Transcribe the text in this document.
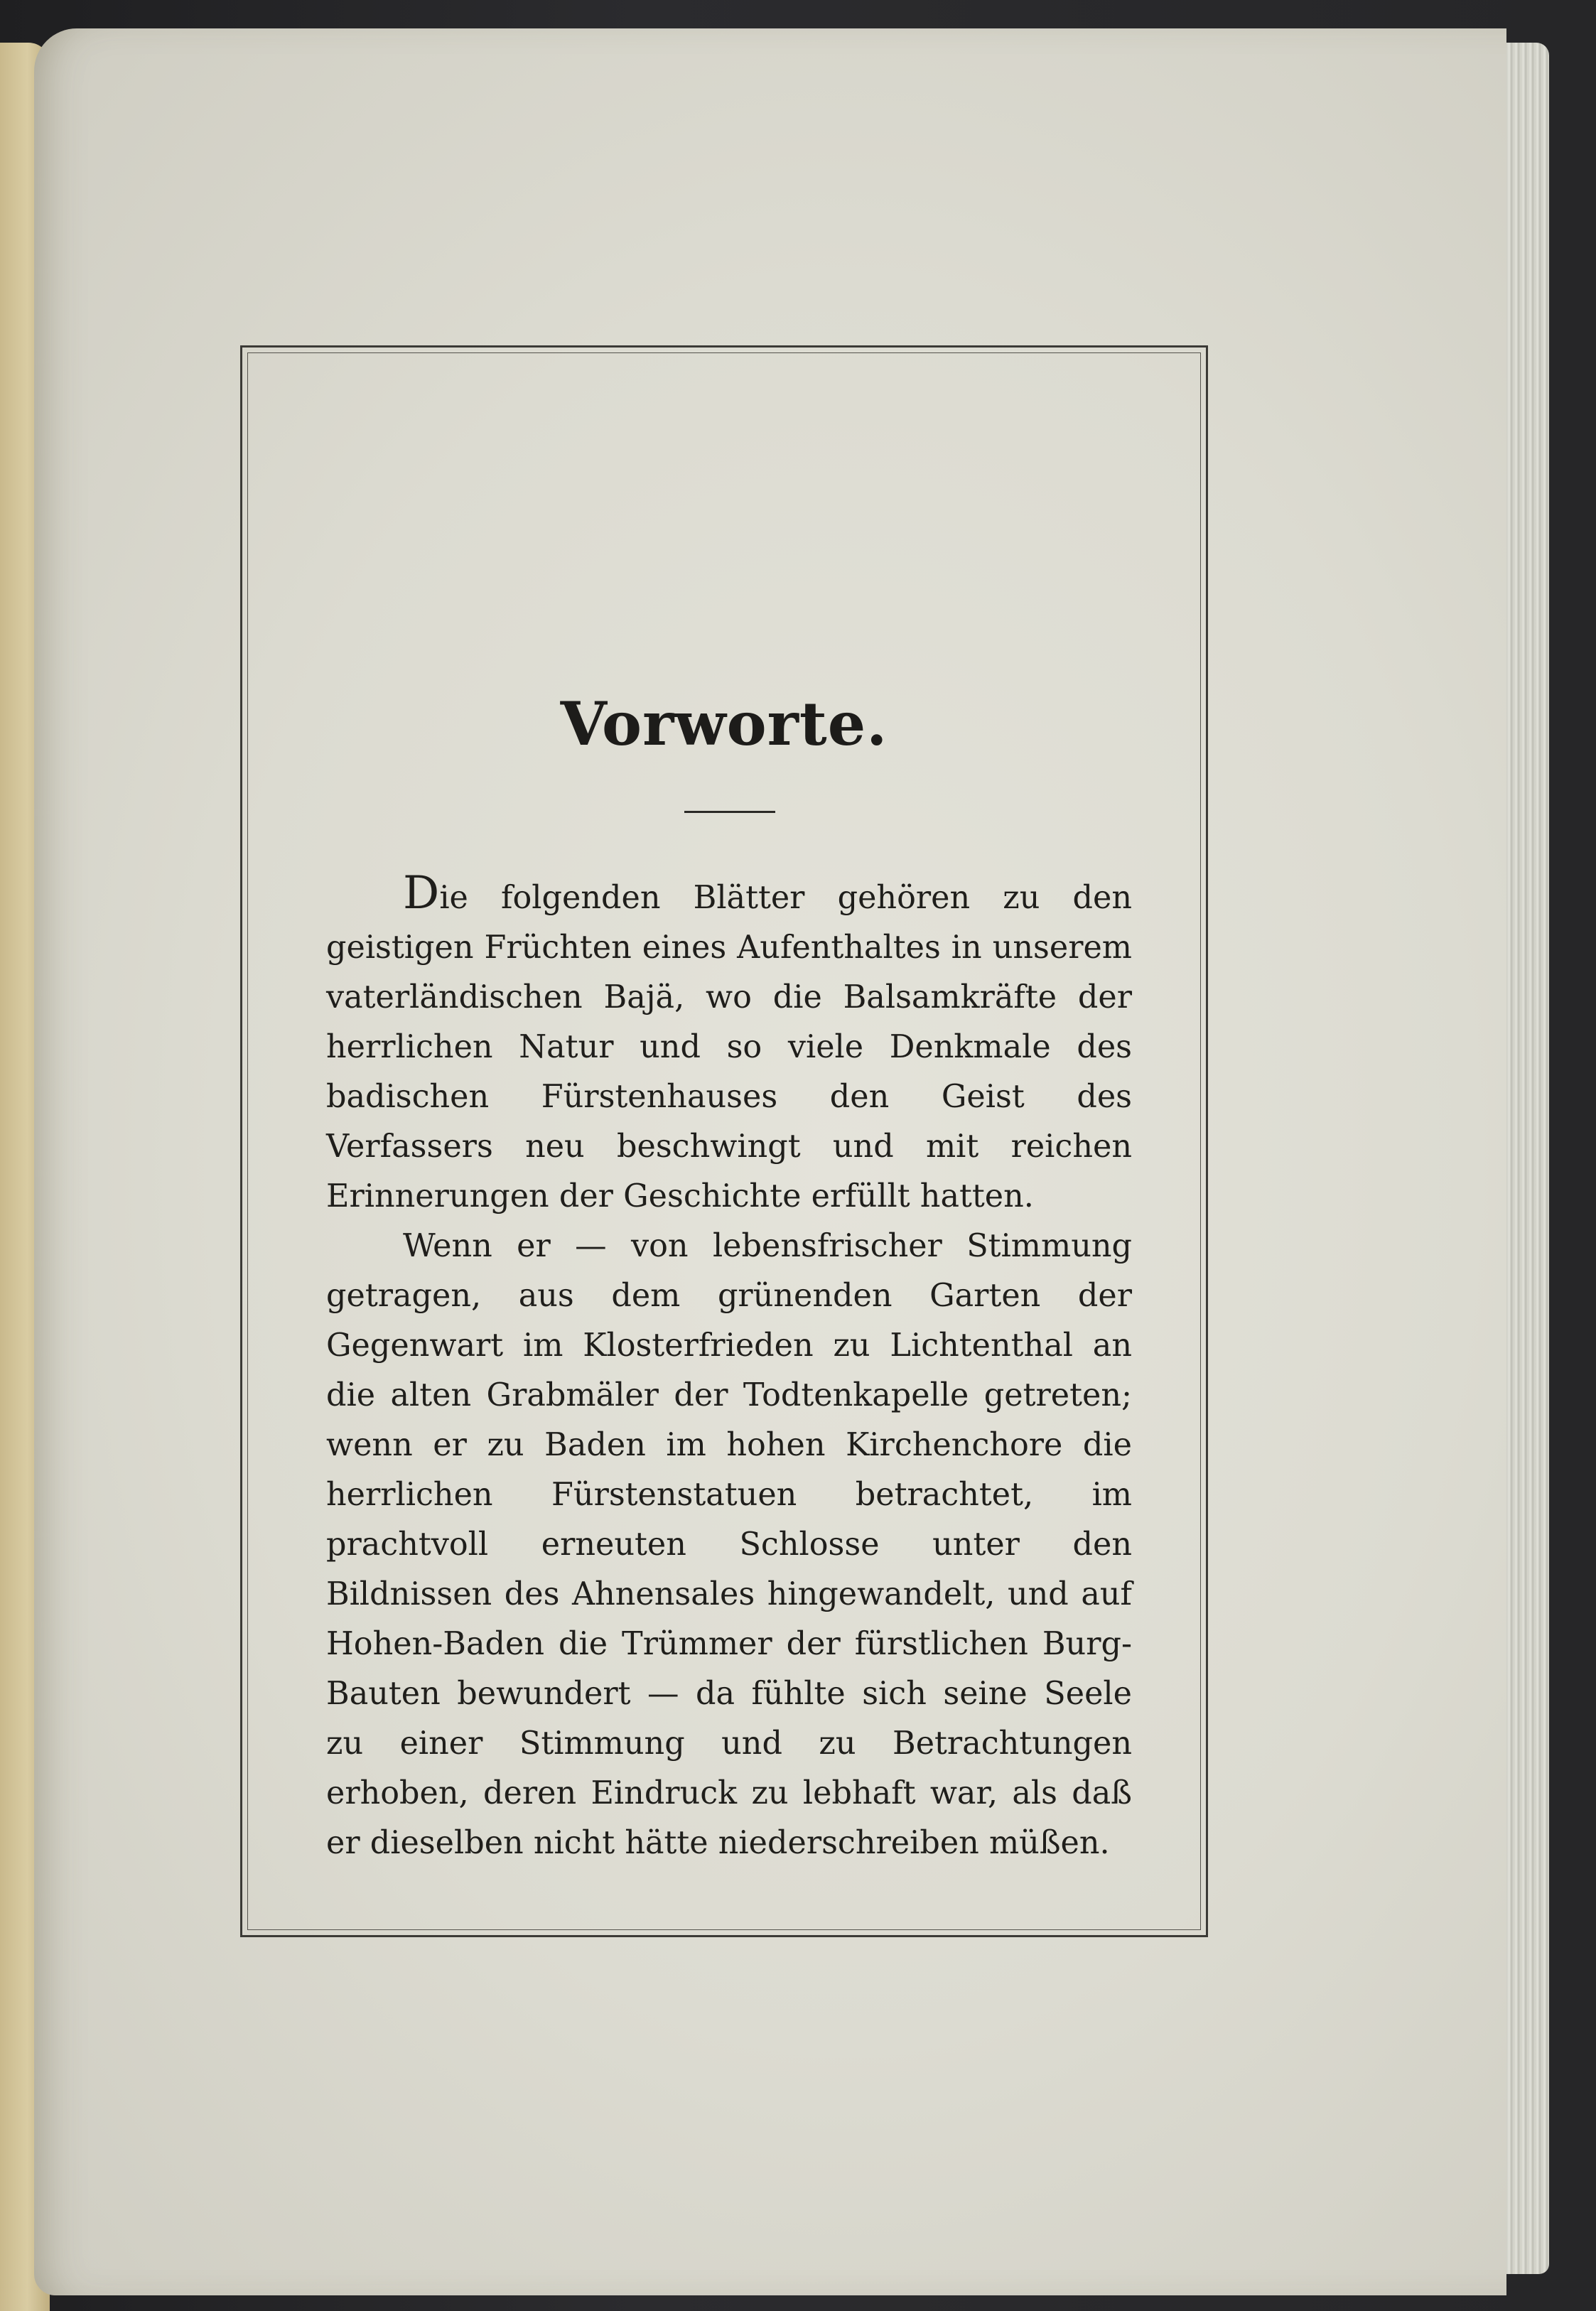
Vorworte.

Die folgenden Blätter gehören zu den geistigen Früchten eines Aufenthaltes in unserem vaterländischen Bajä, wo die Balsamkräfte der herrlichen Natur und so viele Denkmale des badischen Fürstenhauses den Geist des Verfassers neu beschwingt und mit reichen Erinnerungen der Geschichte erfüllt hatten.

Wenn er — von lebensfrischer Stimmung getragen, aus dem grünenden Garten der Gegenwart im Klosterfrieden zu Lichtenthal an die alten Grabmäler der Todtenkapelle getreten; wenn er zu Baden im hohen Kirchenchore die herrlichen Fürstenstatuen betrachtet, im prachtvoll erneuten Schlosse unter den Bildnissen des Ahnensales hingewandelt, und auf Hohen-Baden die Trümmer der fürstlichen Burg-Bauten bewundert — da fühlte sich seine Seele zu einer Stimmung und zu Betrachtungen erhoben, deren Eindruck zu lebhaft war, als daß er dieselben nicht hätte niederschreiben müßen.
